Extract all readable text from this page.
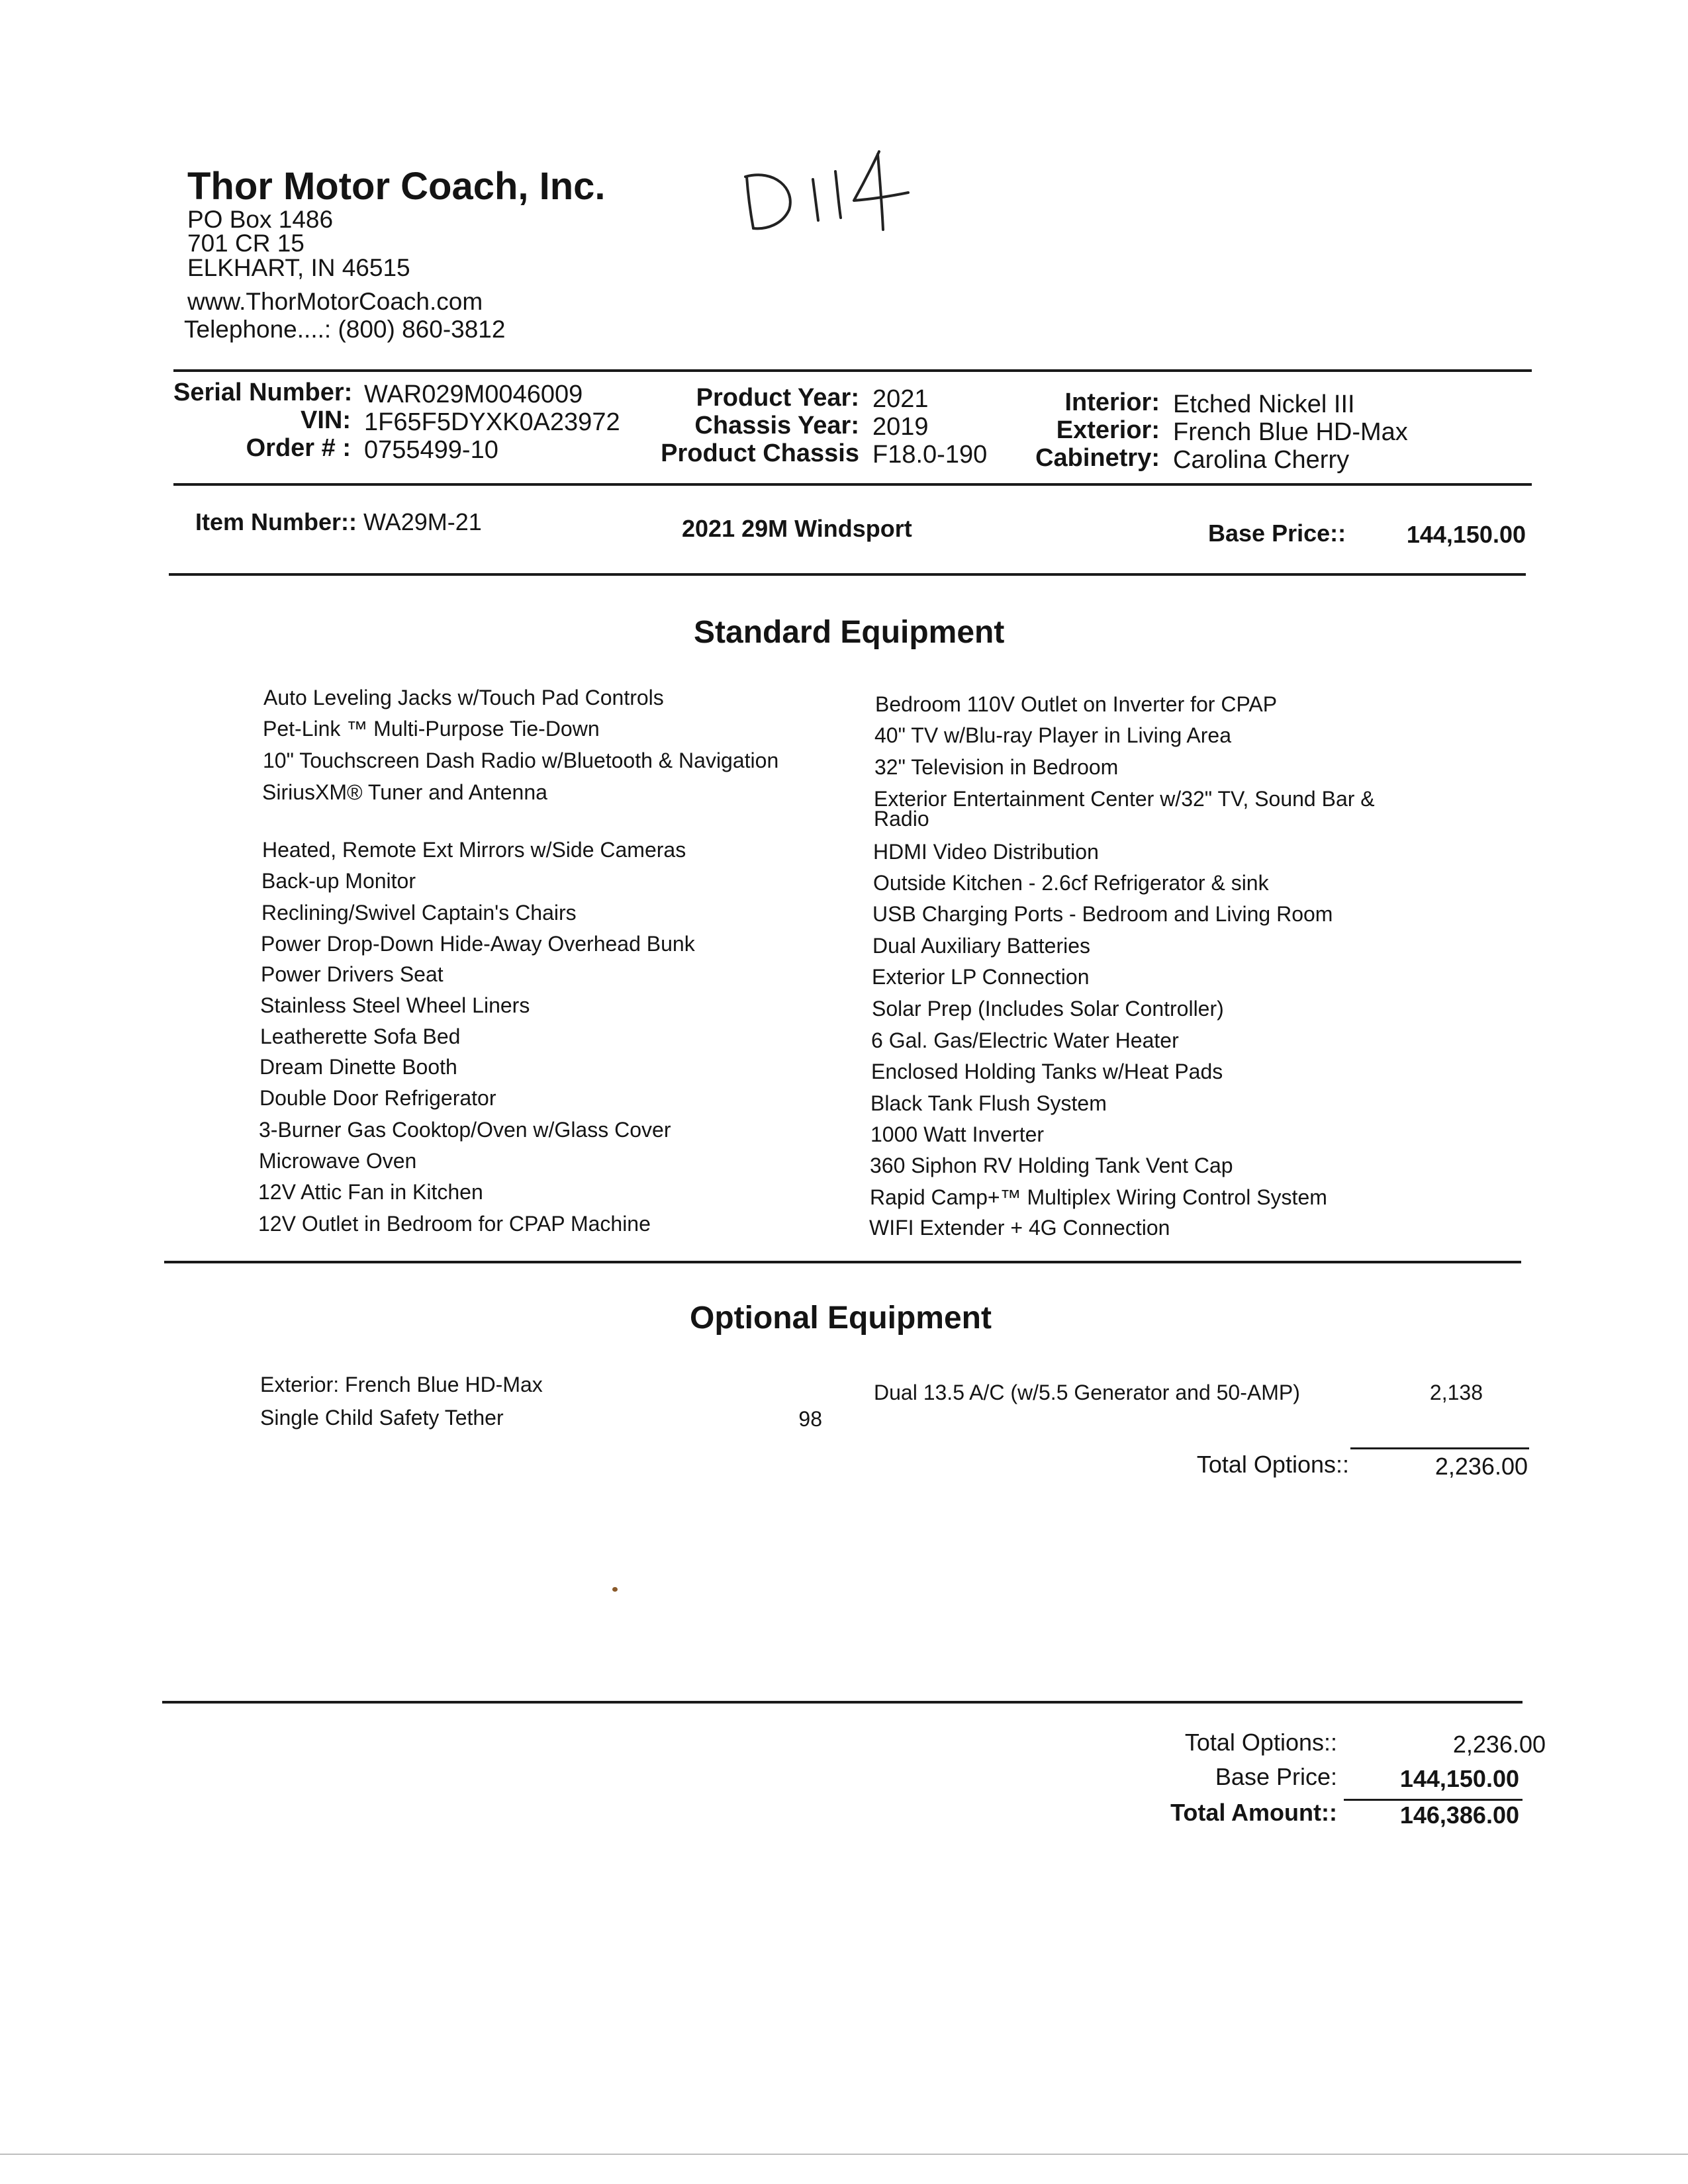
Thor Motor Coach, Inc.
PO Box 1486
701 CR 15
ELKHART, IN 46515
www.ThorMotorCoach.com
Telephone....: (800) 860-3812
Serial Number: WAR029M0046009
VIN: 1F65F5DYXK0A23972
Order # : 0755499-10
Product Year: 2021
Chassis Year: 2019
Product Chassis F18.0-190
Interior: Etched Nickel III
Exterior: French Blue HD-Max
Cabinetry: Carolina Cherry
Item Number:: WA29M-21	2021 29M Windsport	Base Price::	144,150.00
Standard Equipment
Auto Leveling Jacks w/Touch Pad Controls
Pet-Link ™ Multi-Purpose Tie-Down
10" Touchscreen Dash Radio w/Bluetooth & Navigation
SiriusXM® Tuner and Antenna
Heated, Remote Ext Mirrors w/Side Cameras
Back-up Monitor
Reclining/Swivel Captain's Chairs
Power Drop-Down Hide-Away Overhead Bunk
Power Drivers Seat
Stainless Steel Wheel Liners
Leatherette Sofa Bed
Dream Dinette Booth
Double Door Refrigerator
3-Burner Gas Cooktop/Oven w/Glass Cover
Microwave Oven
12V Attic Fan in Kitchen
12V Outlet in Bedroom for CPAP Machine
Bedroom 110V Outlet on Inverter for CPAP
40" TV w/Blu-ray Player in Living Area
32" Television in Bedroom
Exterior Entertainment Center w/32" TV, Sound Bar &
Radio
HDMI Video Distribution
Outside Kitchen - 2.6cf Refrigerator & sink
USB Charging Ports - Bedroom and Living Room
Dual Auxiliary Batteries
Exterior LP Connection
Solar Prep (Includes Solar Controller)
6 Gal. Gas/Electric Water Heater
Enclosed Holding Tanks w/Heat Pads
Black Tank Flush System
1000 Watt Inverter
360 Siphon RV Holding Tank Vent Cap
Rapid Camp+™ Multiplex Wiring Control System
WIFI Extender + 4G Connection
Optional Equipment
Exterior: French Blue HD-Max
Single Child Safety Tether	98
Dual 13.5 A/C (w/5.5 Generator and 50-AMP)	2,138
Total Options::	2,236.00
Total Options::	2,236.00
Base Price:	144,150.00
Total Amount::	146,386.00
